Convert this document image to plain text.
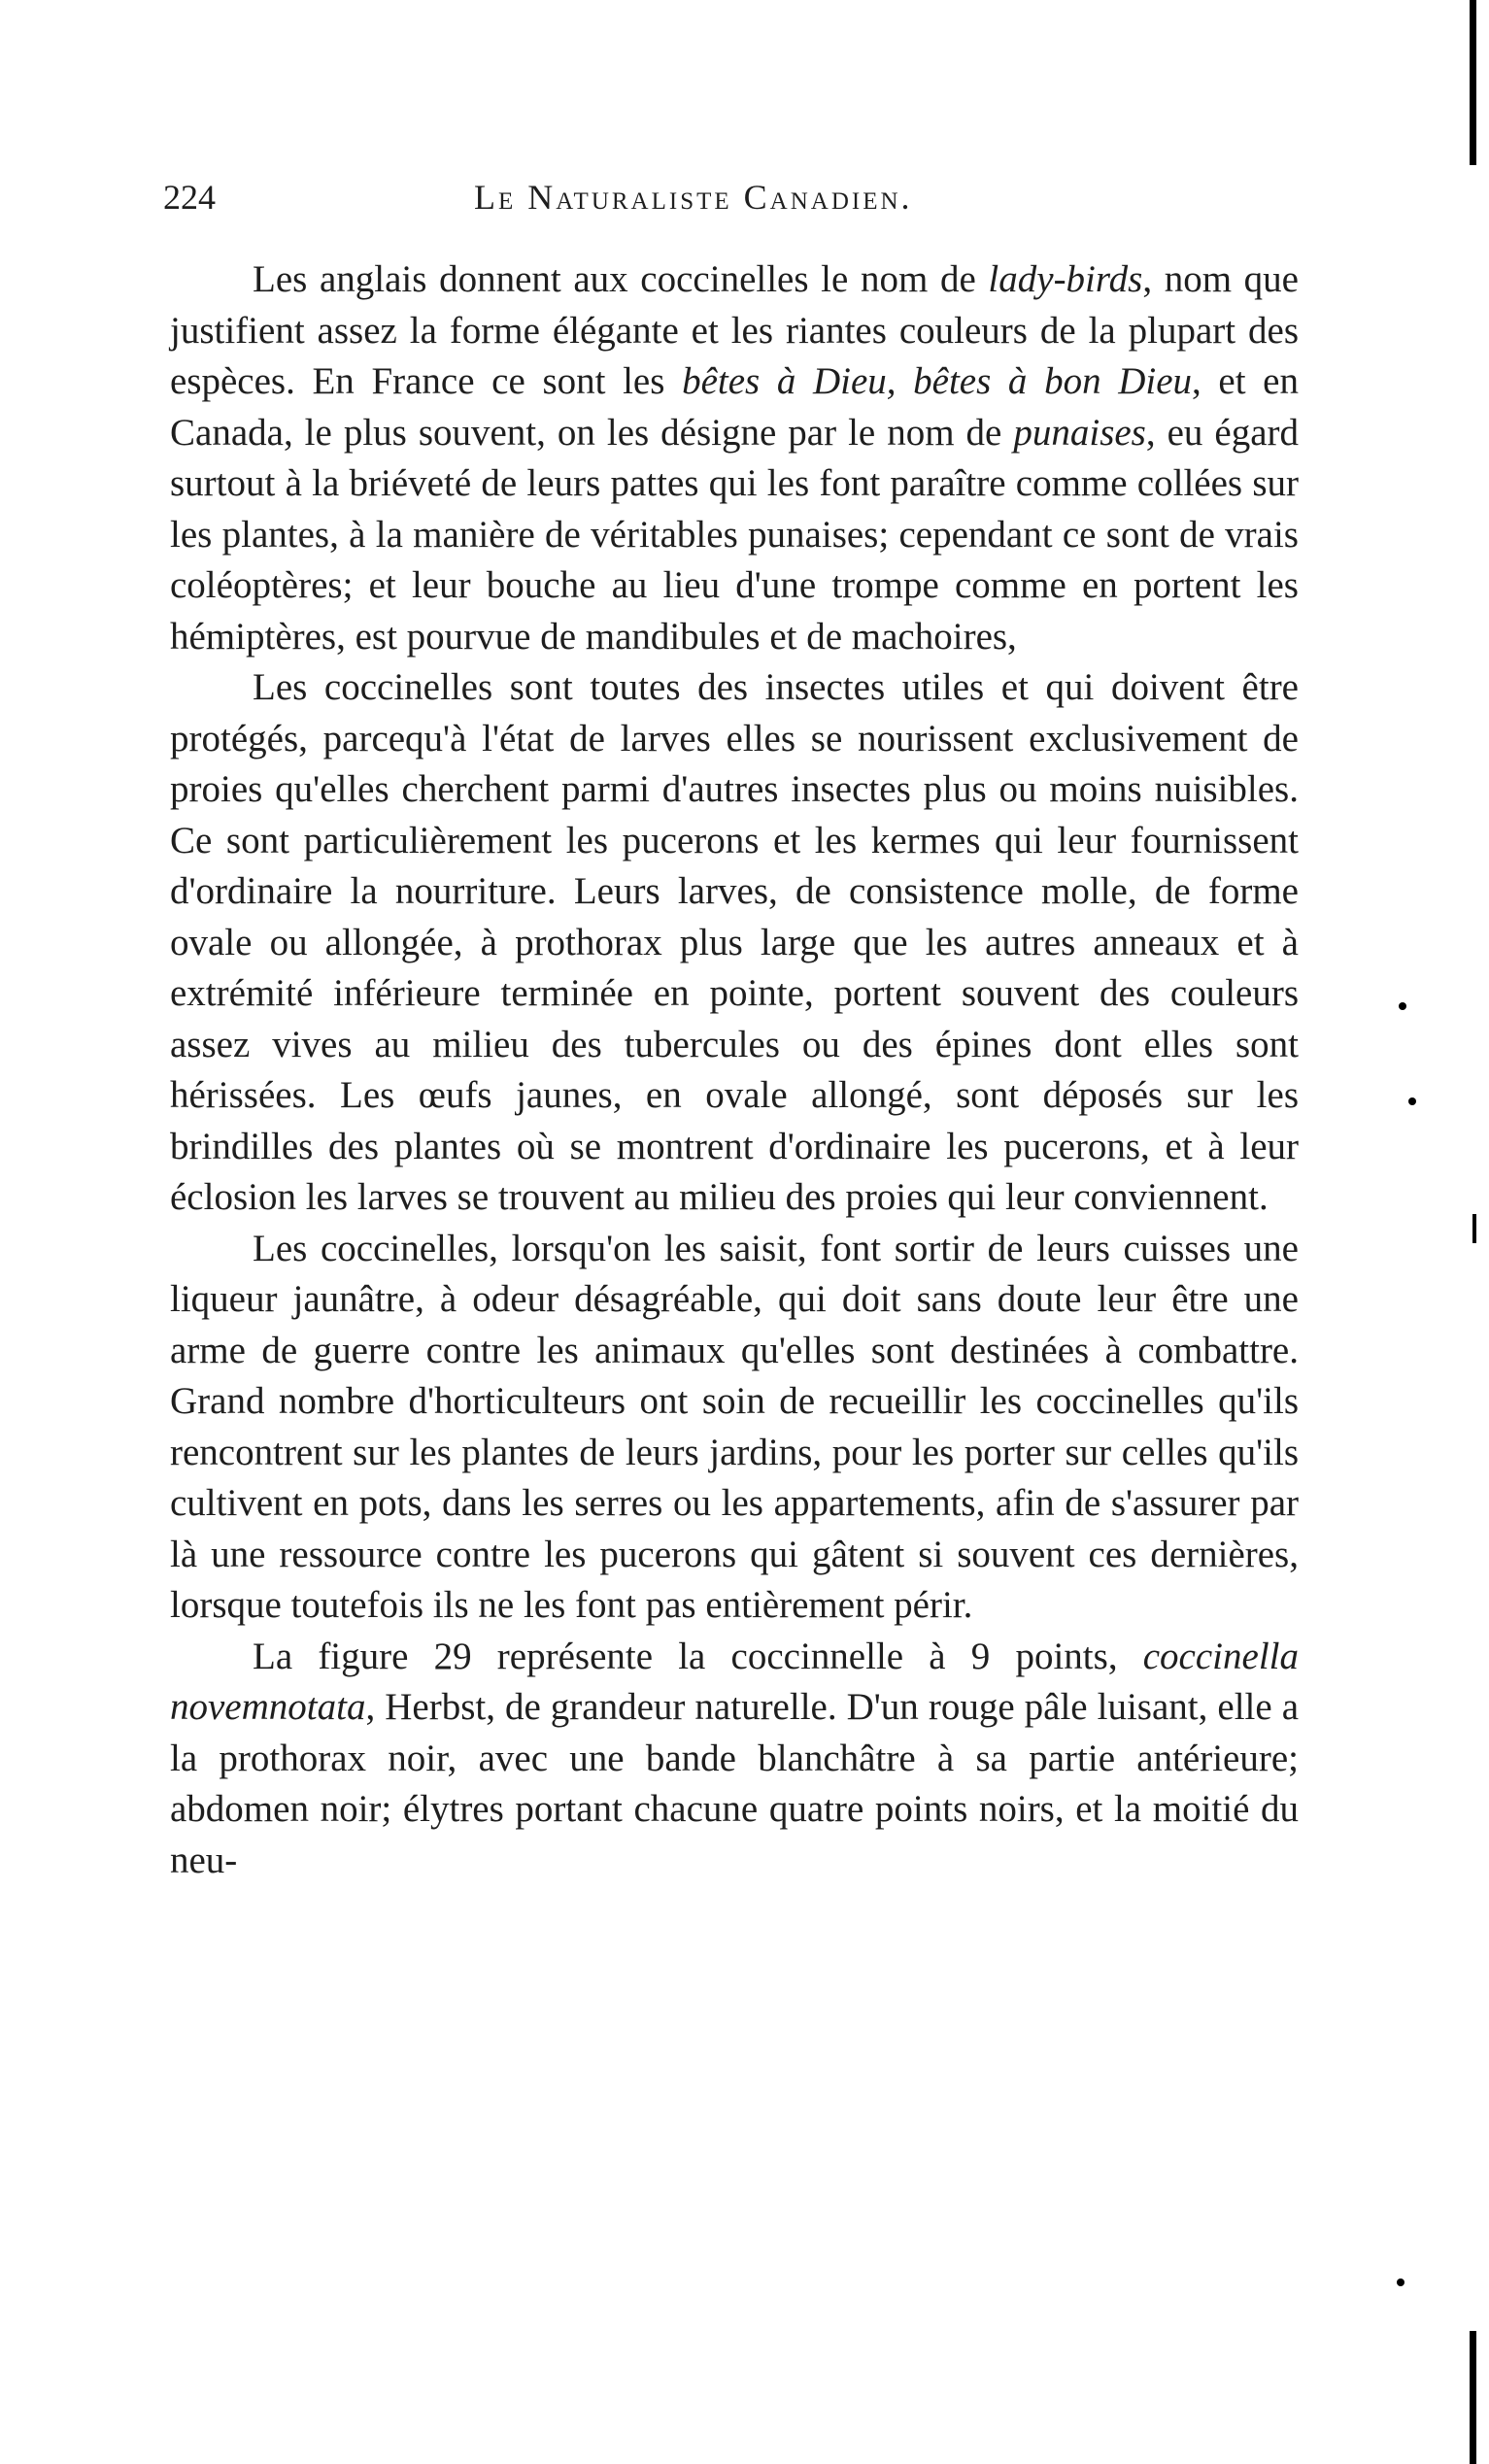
224	Le Naturaliste Canadien.

Les anglais donnent aux coccinelles le nom de lady-birds, nom que justifient assez la forme élégante et les riantes couleurs de la plupart des espèces. En France ce sont les bêtes à Dieu, bêtes à bon Dieu, et en Canada, le plus souvent, on les désigne par le nom de punaises, eu égard surtout à la briéveté de leurs pattes qui les font paraître comme collées sur les plantes, à la manière de véritables punaises; cependant ce sont de vrais coléoptères; et leur bouche au lieu d'une trompe comme en portent les hémiptères, est pourvue de mandibules et de machoires,

Les coccinelles sont toutes des insectes utiles et qui doivent être protégés, parcequ'à l'état de larves elles se nourissent exclusivement de proies qu'elles cherchent parmi d'autres insectes plus ou moins nuisibles. Ce sont particulièrement les pucerons et les kermes qui leur fournissent d'ordinaire la nourriture. Leurs larves, de consistence molle, de forme ovale ou allongée, à prothorax plus large que les autres anneaux et à extrémité inférieure terminée en pointe, portent souvent des couleurs assez vives au milieu des tubercules ou des épines dont elles sont hérissées. Les œufs jaunes, en ovale allongé, sont déposés sur les brindilles des plantes où se montrent d'ordinaire les pucerons, et à leur éclosion les larves se trouvent au milieu des proies qui leur conviennent.

Les coccinelles, lorsqu'on les saisit, font sortir de leurs cuisses une liqueur jaunâtre, à odeur désagréable, qui doit sans doute leur être une arme de guerre contre les animaux qu'elles sont destinées à combattre. Grand nombre d'horticulteurs ont soin de recueillir les coccinelles qu'ils rencontrent sur les plantes de leurs jardins, pour les porter sur celles qu'ils cultivent en pots, dans les serres ou les appartements, afin de s'assurer par là une ressource contre les pucerons qui gâtent si souvent ces dernières, lorsque toutefois ils ne les font pas entièrement périr.

La figure 29 représente la coccinnelle à 9 points, coccinella novemnotata, Herbst, de grandeur naturelle. D'un rouge pâle luisant, elle a la prothorax noir, avec une bande blanchâtre à sa partie antérieure; abdomen noir; élytres portant chacune quatre points noirs, et la moitié du neu-
